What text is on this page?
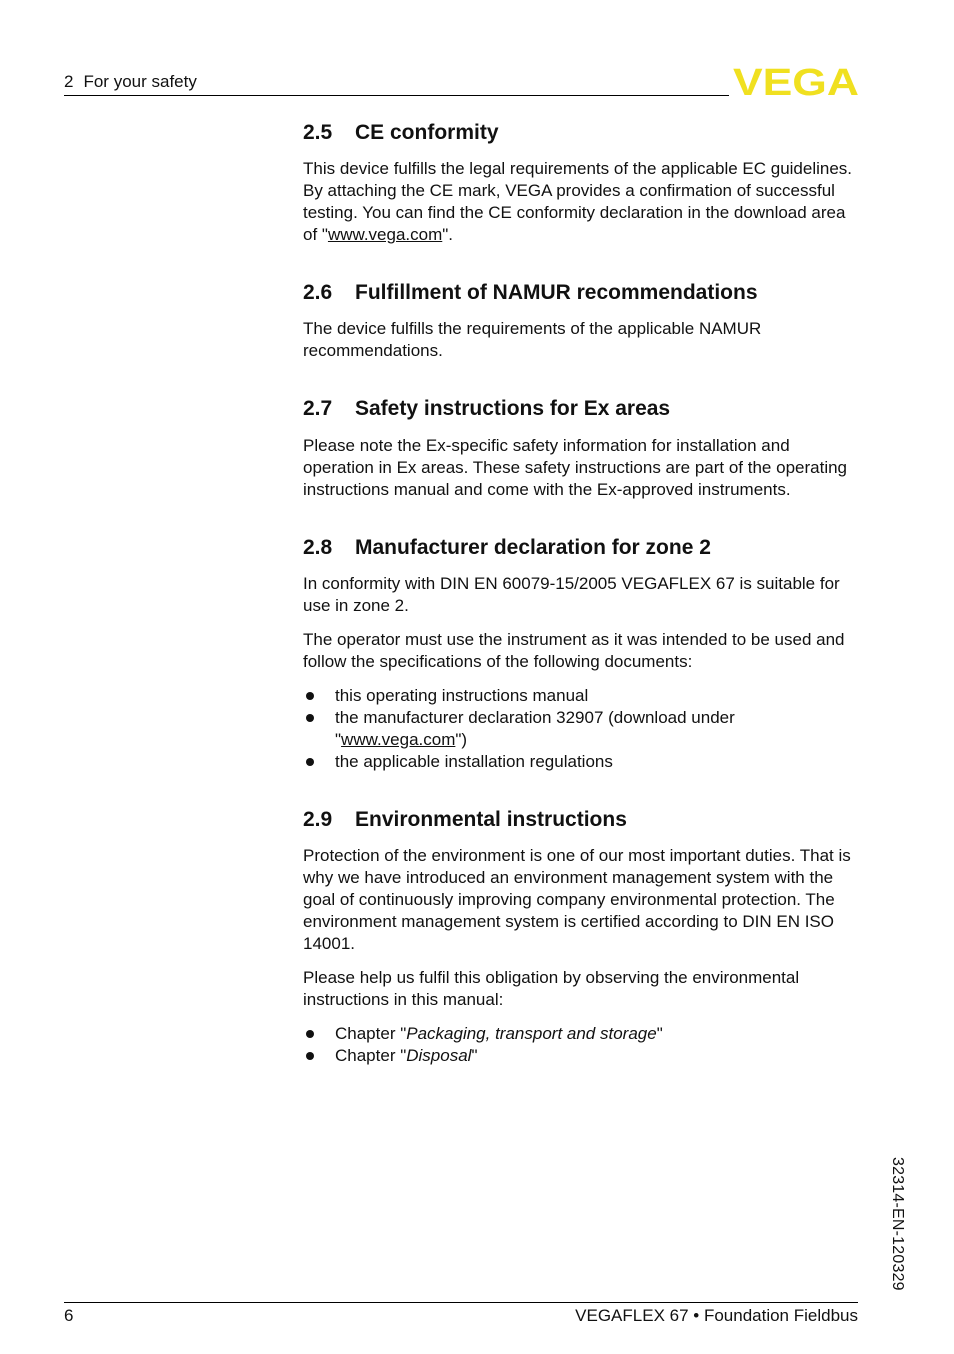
2 For your safety	VEGA
2.5 CE conformity

This device fulfills the legal requirements of the applicable EC guidelines. By attaching the CE mark, VEGA provides a confirmation of successful testing. You can find the CE conformity declaration in the download area of "www.vega.com".

2.6 Fulfillment of NAMUR recommendations

The device fulfills the requirements of the applicable NAMUR recommendations.

2.7 Safety instructions for Ex areas

Please note the Ex-specific safety information for installation and operation in Ex areas. These safety instructions are part of the operating instructions manual and come with the Ex-approved instruments.

2.8 Manufacturer declaration for zone 2

In conformity with DIN EN 60079-15/2005 VEGAFLEX 67 is suitable for use in zone 2.

The operator must use the instrument as it was intended to be used and follow the specifications of the following documents:

this operating instructions manual
the manufacturer declaration 32907 (download under "www.vega.com")
the applicable installation regulations
2.9 Environmental instructions

Protection of the environment is one of our most important duties. That is why we have introduced an environment management system with the goal of continuously improving company environmental protection. The environment management system is certified according to DIN EN ISO 14001.

Please help us fulfil this obligation by observing the environmental instructions in this manual:

Chapter "Packaging, transport and storage"
Chapter "Disposal"
32314-EN-120329
6	VEGAFLEX 67 • Foundation Fieldbus
